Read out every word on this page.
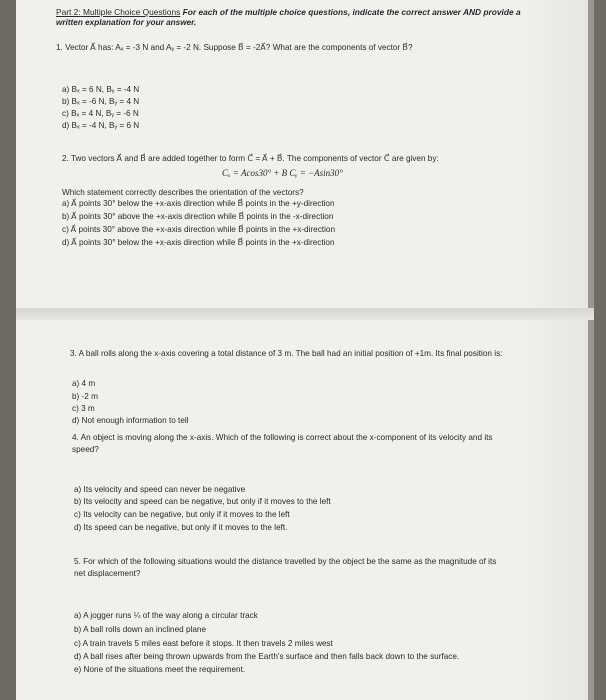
Part 2: Multiple Choice Questions For each of the multiple choice questions, indicate the correct answer AND provide a
written explanation for your answer.
1. Vector A⃗ has: Aₓ = -3 N and Aᵧ = -2 N. Suppose B⃗ = -2A⃗? What are the components of vector B⃗?
a) Bₓ = 6 N, Bᵧ = -4 N
b) Bₓ = -6 N, Bᵧ = 4 N
c) Bₓ = 4 N, Bᵧ = -6 N
d) Bₓ = -4 N, Bᵧ = 6 N
2. Two vectors A⃗ and B⃗ are added together to form C⃗ = A⃗ + B⃗. The components of vector C⃗ are given by:
Cₓ = Acos30° + B Cᵧ = −Asin30°
Which statement correctly describes the orientation of the vectors?
a) A⃗ points 30° below the +x-axis direction while B⃗ points in the +y-direction
b) A⃗ points 30° above the +x-axis direction while B⃗ points in the -x-direction
c) A⃗ points 30° above the +x-axis direction while B⃗ points in the +x-direction
d) A⃗ points 30° below the +x-axis direction while B⃗ points in the +x-direction
3. A ball rolls along the x-axis covering a total distance of 3 m. The ball had an initial position of +1m. Its final position is:
a) 4 m
b) -2 m
c) 3 m
d) Not enough information to tell
4. An object is moving along the x-axis. Which of the following is correct about the x-component of its velocity and its
speed?
a) Its velocity and speed can never be negative
b) Its velocity and speed can be negative, but only if it moves to the left
c) Its velocity can be negative, but only if it moves to the left
d) Its speed can be negative, but only if it moves to the left.
5. For which of the following situations would the distance travelled by the object be the same as the magnitude of its
net displacement?
a) A jogger runs ¼ of the way along a circular track
b) A ball rolls down an inclined plane
c) A train travels 5 miles east before it stops. It then travels 2 miles west
d) A ball rises after being thrown upwards from the Earth's surface and then falls back down to the surface.
e) None of the situations meet the requirement.
